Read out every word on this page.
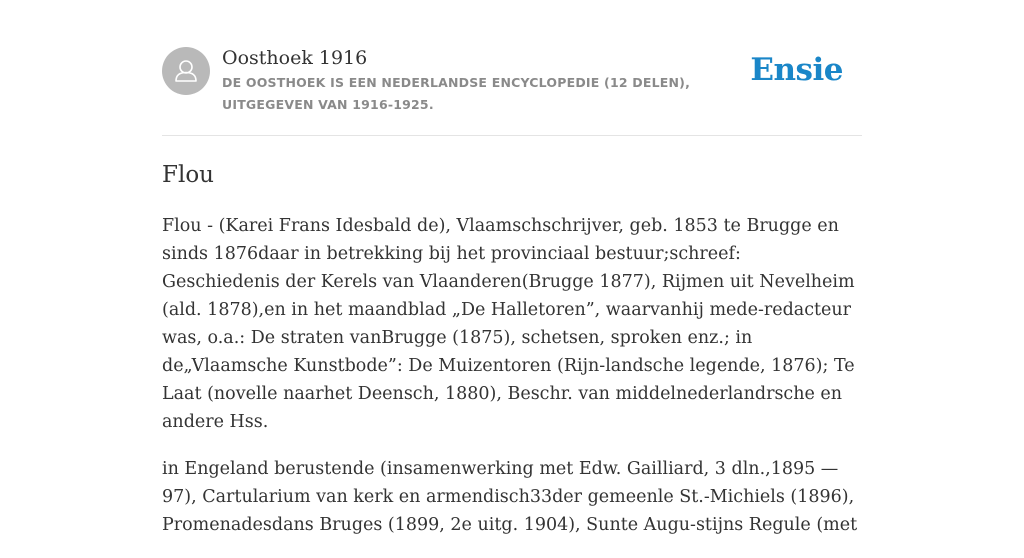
Oosthoek 1916
DE OOSTHOEK IS EEN NEDERLANDSE ENCYCLOPEDIE (12 DELEN), UITGEGEVEN VAN 1916-1925.
Ensie
Flou

Flou - (Karei Frans Idesbald de), Vlaamschschrijver, geb. 1853 te Brugge en sinds 1876daar in betrekking bij het provinciaal bestuur;schreef: Geschiedenis der Kerels van Vlaanderen(Brugge 1877), Rijmen uit Nevelheim (ald. 1878),en in het maandblad „De Halletoren”, waarvanhij mede-redacteur was, o.a.: De straten vanBrugge (1875), schetsen, sproken enz.; in de„Vlaamsche Kunstbode”: De Muizentoren (Rijn-landsche legende, 1876); Te Laat (novelle naarhet Deensch, 1880), Beschr. van middelnederlandrsche en andere Hss.

in Engeland berustende (insamenwerking met Edw. Gailliard, 3 dln.,1895 —97), Cartularium van kerk en armendisch33der gemeenle St.-Michiels (1896), Promenadesdans Bruges (1899, 2e uitg. 1904), Sunte Augu-stijns Regule (met
